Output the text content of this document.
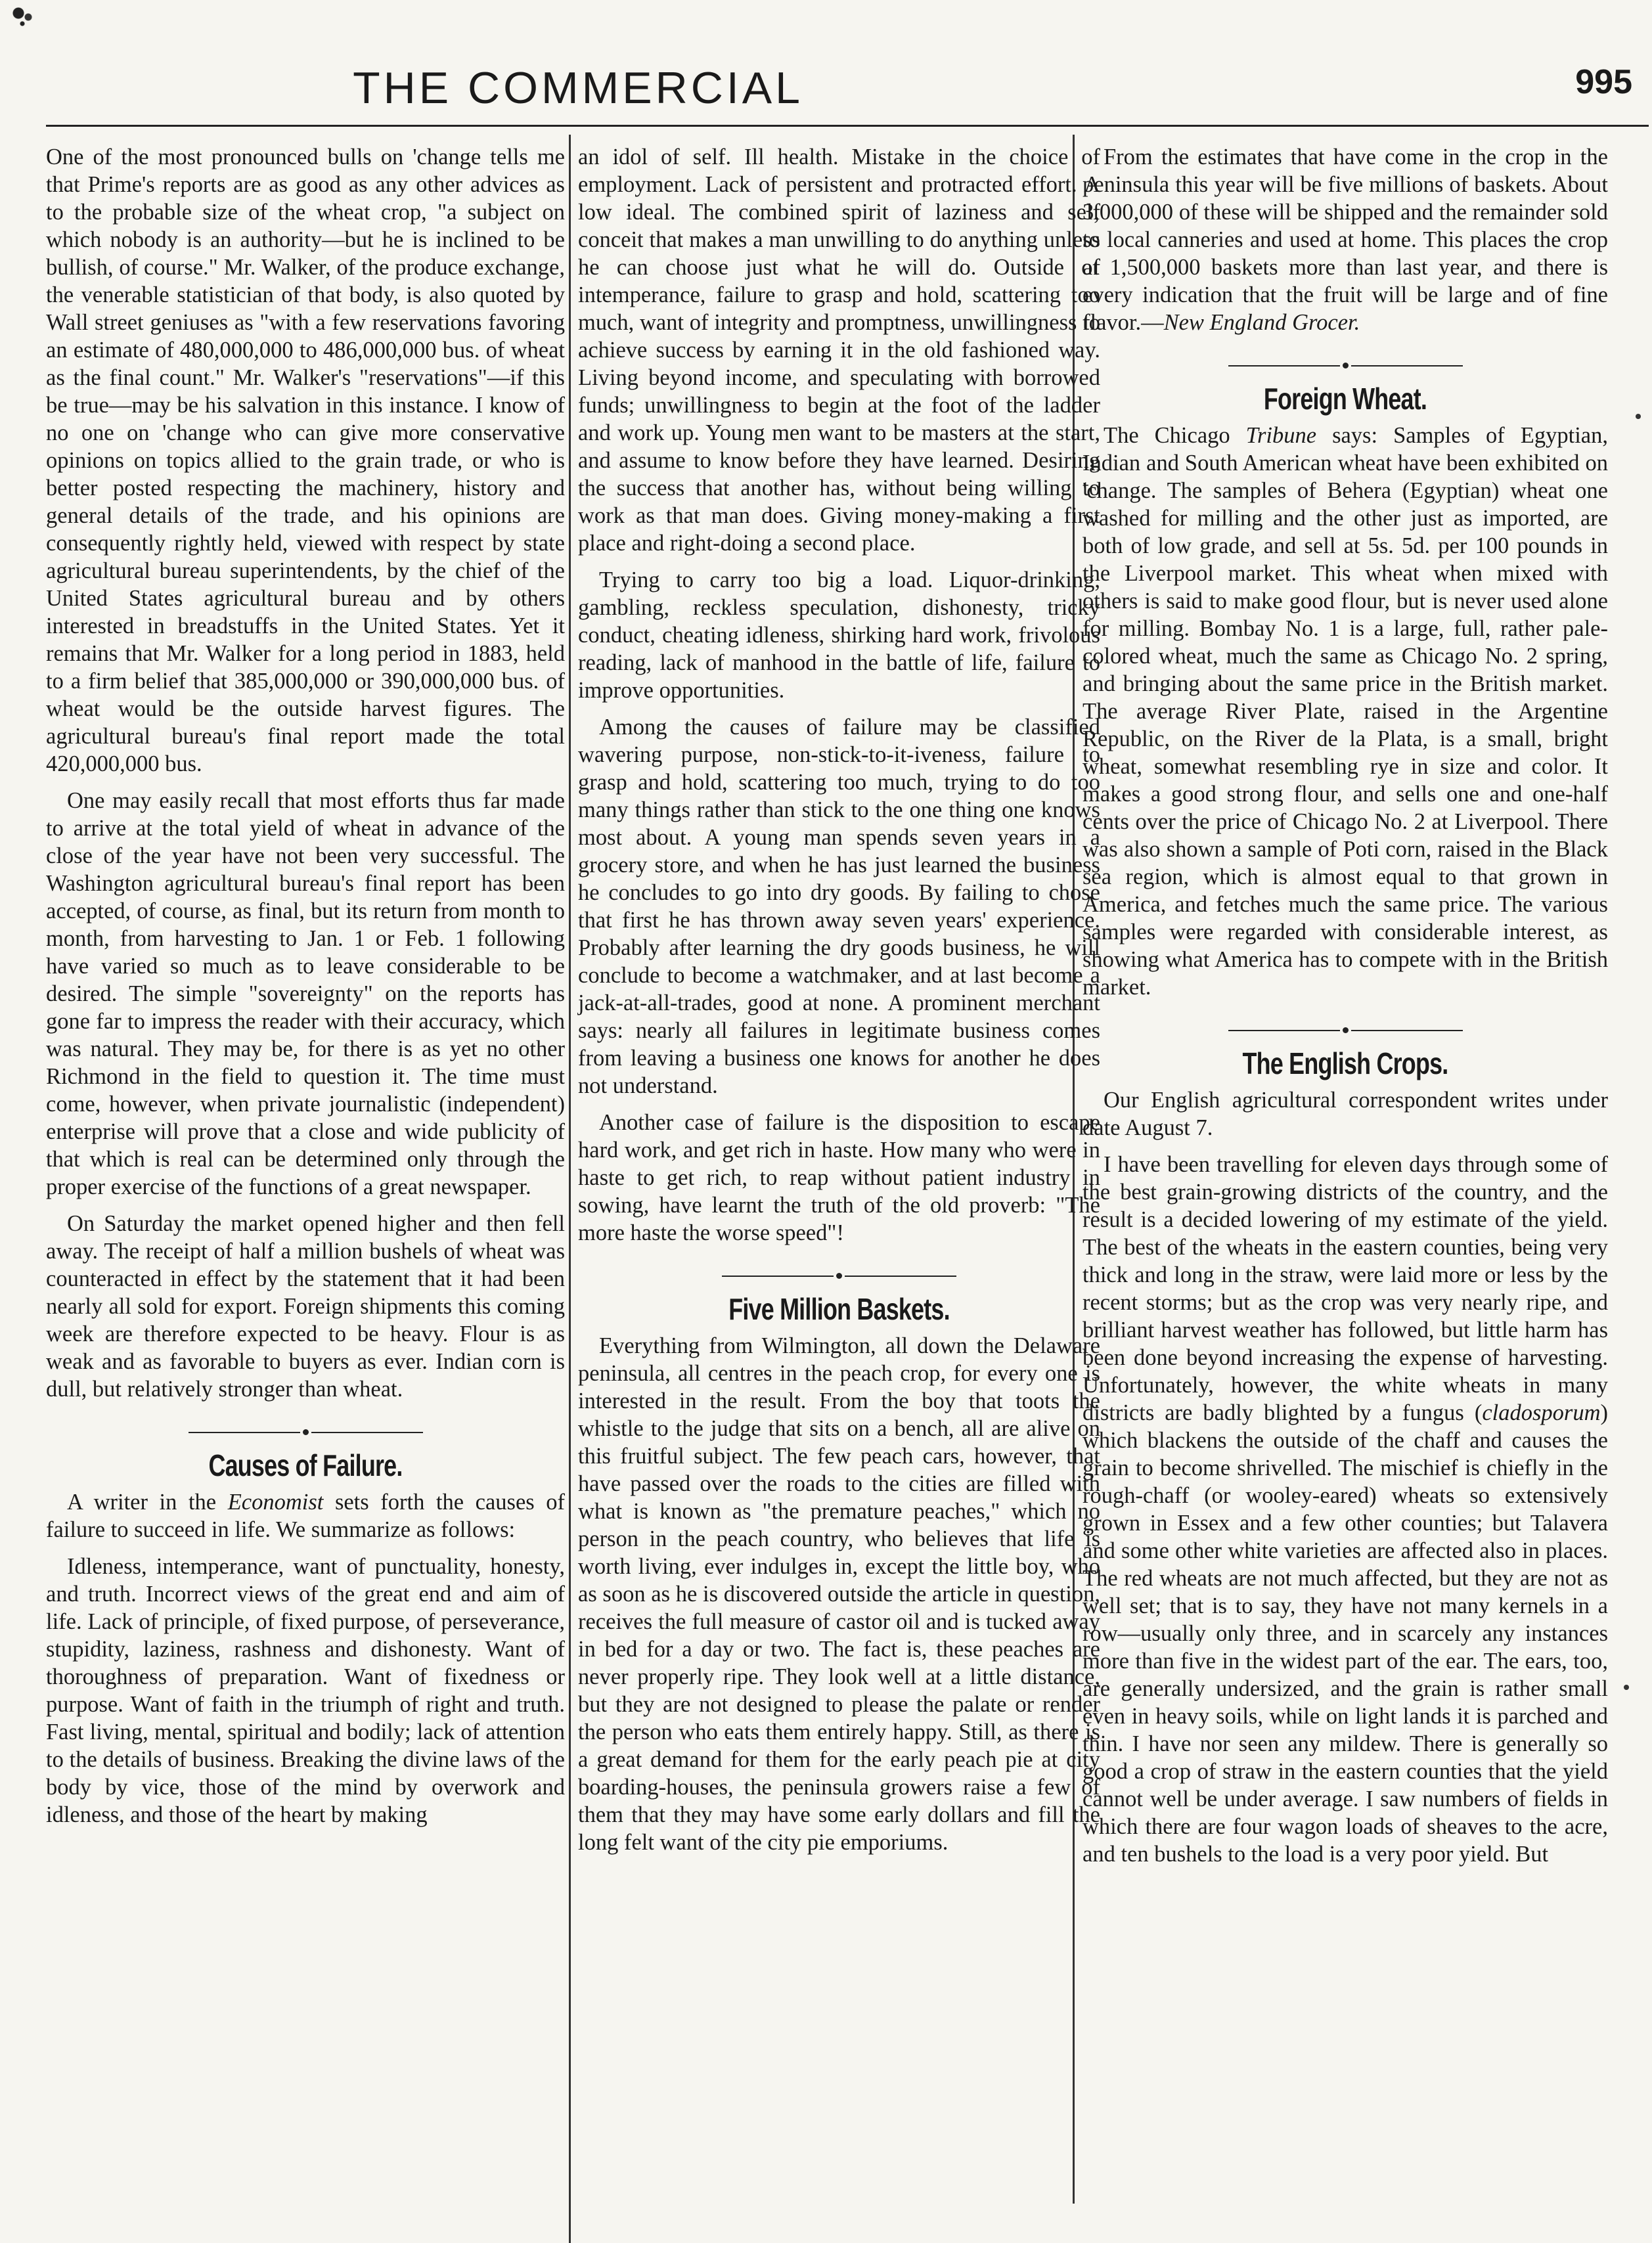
THE COMMERCIAL	995

One of the most pronounced bulls on 'change tells me that Prime's reports are as good as any other advices as to the probable size of the wheat crop, "a subject on which nobody is an authority—but he is inclined to be bullish, of course." Mr. Walker, of the produce exchange, the venerable statistician of that body, is also quoted by Wall street geniuses as "with a few reservations favoring an estimate of 480,000,000 to 486,000,000 bus. of wheat as the final count." Mr. Walker's "reservations"—if this be true—may be his salvation in this instance. I know of no one on 'change who can give more conservative opinions on topics allied to the grain trade, or who is better posted respecting the machinery, history and general details of the trade, and his opinions are consequently rightly held, viewed with respect by state agricultural bureau superintendents, by the chief of the United States agricultural bureau and by others interested in breadstuffs in the United States. Yet it remains that Mr. Walker for a long period in 1883, held to a firm belief that 385,000,000 or 390,000,000 bus. of wheat would be the outside harvest figures. The agricultural bureau's final report made the total 420,000,000 bus.

One may easily recall that most efforts thus far made to arrive at the total yield of wheat in advance of the close of the year have not been very successful. The Washington agricultural bureau's final report has been accepted, of course, as final, but its return from month to month, from harvesting to Jan. 1 or Feb. 1 following have varied so much as to leave considerable to be desired. The simple "sovereignty" on the reports has gone far to impress the reader with their accuracy, which was natural. They may be, for there is as yet no other Richmond in the field to question it. The time must come, however, when private journalistic (independent) enterprise will prove that a close and wide publicity of that which is real can be determined only through the proper exercise of the functions of a great newspaper.

On Saturday the market opened higher and then fell away. The receipt of half a million bushels of wheat was counteracted in effect by the statement that it had been nearly all sold for export. Foreign shipments this coming week are therefore expected to be heavy. Flour is as weak and as favorable to buyers as ever. Indian corn is dull, but relatively stronger than wheat.

Causes of Failure.

A writer in the Economist sets forth the causes of failure to succeed in life. We summarize as follows:

Idleness, intemperance, want of punctuality, honesty, and truth. Incorrect views of the great end and aim of life. Lack of principle, of fixed purpose, of perseverance, stupidity, laziness, rashness and dishonesty. Want of thoroughness of preparation. Want of fixedness or purpose. Want of faith in the triumph of right and truth. Fast living, mental, spiritual and bodily; lack of attention to the details of business. Breaking the divine laws of the body by vice, those of the mind by overwork and idleness, and those of the heart by making

an idol of self. Ill health. Mistake in the choice of employment. Lack of persistent and protracted effort. A low ideal. The combined spirit of laziness and self conceit that makes a man unwilling to do anything unless he can choose just what he will do. Outside of intemperance, failure to grasp and hold, scattering too much, want of integrity and promptness, unwillingness to achieve success by earning it in the old fashioned way. Living beyond income, and speculating with borrowed funds; unwillingness to begin at the foot of the ladder and work up. Young men want to be masters at the start, and assume to know before they have learned. Desiring the success that another has, without being willing to work as that man does. Giving money-making a first place and right-doing a second place.

Trying to carry too big a load. Liquor-drinking, gambling, reckless speculation, dishonesty, tricky conduct, cheating idleness, shirking hard work, frivolous reading, lack of manhood in the battle of life, failure to improve opportunities.

Among the causes of failure may be classified wavering purpose, non-stick-to-it-iveness, failure to grasp and hold, scattering too much, trying to do too many things rather than stick to the one thing one knows most about. A young man spends seven years in a grocery store, and when he has just learned the business he concludes to go into dry goods. By failing to chose that first he has thrown away seven years' experience. Probably after learning the dry goods business, he will conclude to become a watchmaker, and at last become a jack-at-all-trades, good at none. A prominent merchant says: nearly all failures in legitimate business comes from leaving a business one knows for another he does not understand.

Another case of failure is the disposition to escape hard work, and get rich in haste. How many who were in haste to get rich, to reap without patient industry in sowing, have learnt the truth of the old proverb: "The more haste the worse speed"!

Five Million Baskets.

Everything from Wilmington, all down the Delaware peninsula, all centres in the peach crop, for every one is interested in the result. From the boy that toots the whistle to the judge that sits on a bench, all are alive on this fruitful subject. The few peach cars, however, that have passed over the roads to the cities are filled with what is known as "the premature peaches," which no person in the peach country, who believes that life is worth living, ever indulges in, except the little boy, who as soon as he is discovered outside the article in question, receives the full measure of castor oil and is tucked away in bed for a day or two. The fact is, these peaches are never properly ripe. They look well at a little distance, but they are not designed to please the palate or render the person who eats them entirely happy. Still, as there is a great demand for them for the early peach pie at city boarding-houses, the peninsula growers raise a few of them that they may have some early dollars and fill the long felt want of the city pie emporiums.

From the estimates that have come in the crop in the peninsula this year will be five millions of baskets. About 3,000,000 of these will be shipped and the remainder sold to local canneries and used at home. This places the crop at 1,500,000 baskets more than last year, and there is every indication that the fruit will be large and of fine flavor.—New England Grocer.

Foreign Wheat.

The Chicago Tribune says: Samples of Egyptian, Indian and South American wheat have been exhibited on 'change. The samples of Behera (Egyptian) wheat one washed for milling and the other just as imported, are both of low grade, and sell at 5s. 5d. per 100 pounds in the Liverpool market. This wheat when mixed with others is said to make good flour, but is never used alone for milling. Bombay No. 1 is a large, full, rather pale-colored wheat, much the same as Chicago No. 2 spring, and bringing about the same price in the British market. The average River Plate, raised in the Argentine Republic, on the River de la Plata, is a small, bright wheat, somewhat resembling rye in size and color. It makes a good strong flour, and sells one and one-half cents over the price of Chicago No. 2 at Liverpool. There was also shown a sample of Poti corn, raised in the Black sea region, which is almost equal to that grown in America, and fetches much the same price. The various samples were regarded with considerable interest, as showing what America has to compete with in the British market.

The English Crops.

Our English agricultural correspondent writes under date August 7.

I have been travelling for eleven days through some of the best grain-growing districts of the country, and the result is a decided lowering of my estimate of the yield. The best of the wheats in the eastern counties, being very thick and long in the straw, were laid more or less by the recent storms; but as the crop was very nearly ripe, and brilliant harvest weather has followed, but little harm has been done beyond increasing the expense of harvesting. Unfortunately, however, the white wheats in many districts are badly blighted by a fungus (cladosporum) which blackens the outside of the chaff and causes the grain to become shrivelled. The mischief is chiefly in the rough-chaff (or wooley-eared) wheats so extensively grown in Essex and a few other counties; but Talavera and some other white varieties are affected also in places. The red wheats are not much affected, but they are not as well set; that is to say, they have not many kernels in a row—usually only three, and in scarcely any instances more than five in the widest part of the ear. The ears, too, are generally undersized, and the grain is rather small even in heavy soils, while on light lands it is parched and thin. I have nor seen any mildew. There is generally so good a crop of straw in the eastern counties that the yield cannot well be under average. I saw numbers of fields in which there are four wagon loads of sheaves to the acre, and ten bushels to the load is a very poor yield. But
